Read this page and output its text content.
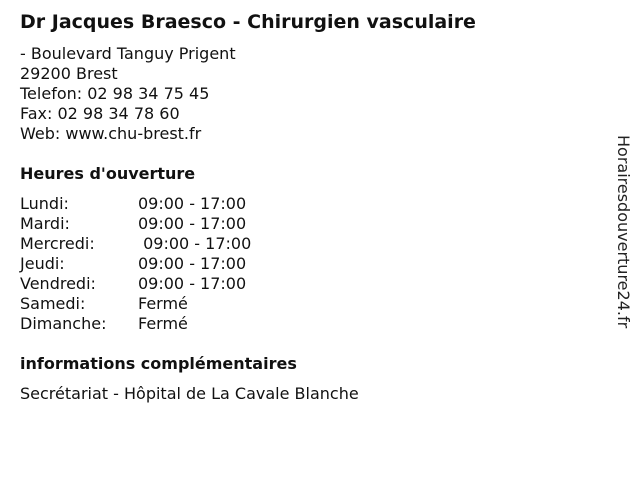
Dr Jacques Braesco - Chirurgien vasculaire
- Boulevard Tanguy Prigent
29200 Brest
Telefon: 02 98 34 75 45
Fax: 02 98 34 78 60
Web: www.chu-brest.fr
Heures d'ouverture
Lundi:	09:00 - 17:00
Mardi:	09:00 - 17:00
Mercredi:	09:00 - 17:00
Jeudi:	09:00 - 17:00
Vendredi:	09:00 - 17:00
Samedi:	Fermé
Dimanche:	Fermé
informations complémentaires
Secrétariat - Hôpital de La Cavale Blanche
Horairesdouverture24.fr
